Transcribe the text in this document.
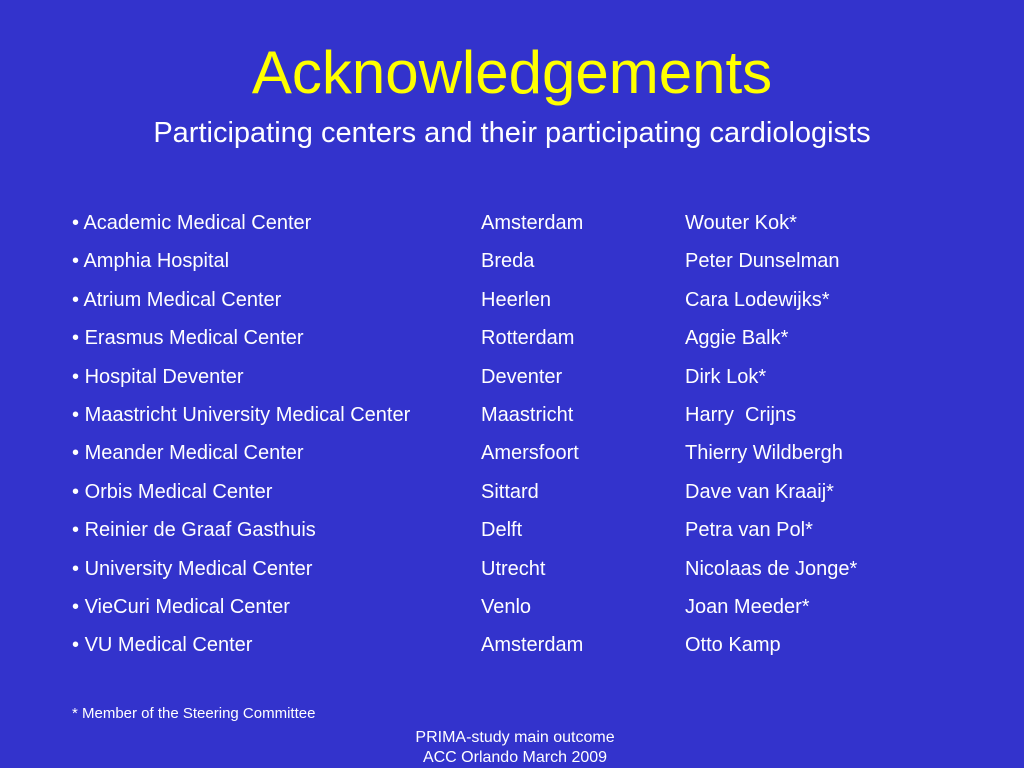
Acknowledgements
Participating centers and their participating cardiologists
• Academic Medical Center	Amsterdam	Wouter Kok*
• Amphia Hospital	Breda	Peter Dunselman
• Atrium Medical Center	Heerlen	Cara Lodewijks*
• Erasmus Medical Center	Rotterdam	Aggie Balk*
• Hospital Deventer	Deventer	Dirk Lok*
• Maastricht University Medical Center	Maastricht	Harry  Crijns
• Meander Medical Center	Amersfoort	Thierry Wildbergh
• Orbis Medical Center	Sittard	Dave van Kraaij*
• Reinier de Graaf Gasthuis	Delft	Petra van Pol*
• University Medical Center	Utrecht	Nicolaas de Jonge*
• VieCuri Medical Center	Venlo	Joan Meeder*
• VU Medical Center	Amsterdam	Otto Kamp
* Member of the Steering Committee
PRIMA-study main outcome
ACC Orlando March 2009
